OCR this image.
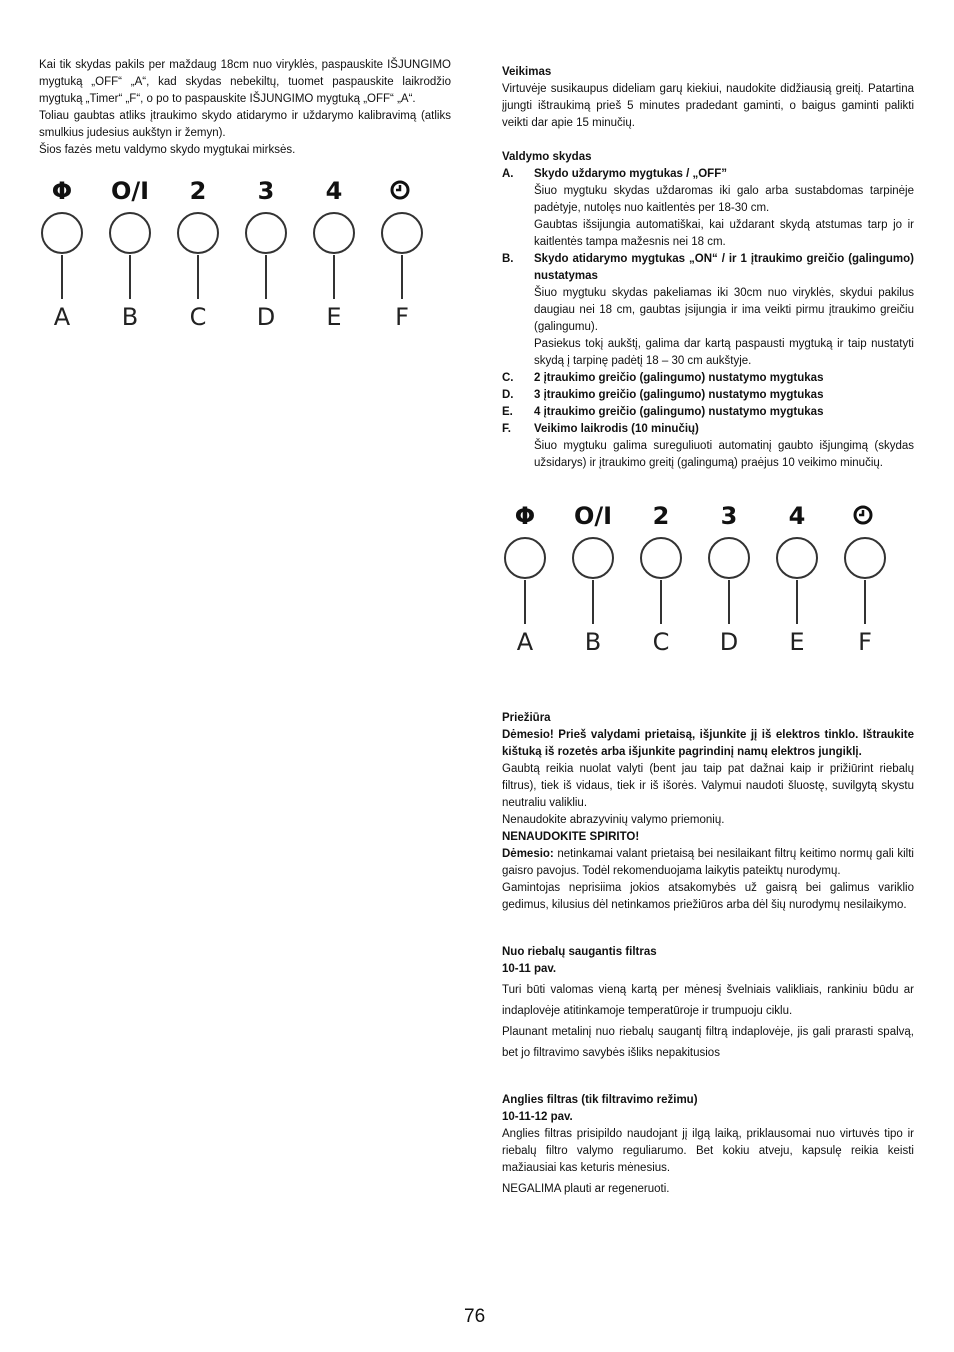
Kai tik skydas pakils per maždaug 18cm nuo viryklės, paspauskite IŠJUNGIMO mygtuką „OFF“ „A“, kad skydas nebekiltų, tuomet paspauskite laikrodžio mygtuką „Timer“ „F“, o po to paspauskite IŠJUNGIMO mygtuką „OFF“ „A“.

Toliau gaubtas atliks įtraukimo skydo atidarymo ir uždarymo kalibravimą (atliks smulkius judesius aukštyn ir žemyn).

Šios fazės metu valdymo skydo mygtukai mirksės.

Φ
A
O/I
B
2
C
3
D
4
E	F

Veikimas

Virtuvėje susikaupus dideliam garų kiekiui, naudokite didžiausią greitį. Patartina įjungti ištraukimą prieš 5 minutes pradedant gaminti, o baigus gaminti palikti veikti dar apie 15 minučių.

Valdymo skydas

A.	Skydo uždarymo mygtukas / „OFF”

Šiuo mygtuku skydas uždaromas iki galo arba sustabdomas tarpinėje padėtyje, nutolęs nuo kaitlentės per 18-30 cm.

Gaubtas išsijungia automatiškai, kai uždarant skydą atstumas tarp jo ir kaitlentės tampa mažesnis nei 18 cm.

B.	Skydo atidarymo mygtukas „ON“ / ir 1 įtraukimo greičio (galingumo) nustatymas

Šiuo mygtuku skydas pakeliamas iki 30cm nuo viryklės, skydui pakilus daugiau nei 18 cm, gaubtas įsijungia ir ima veikti pirmu įtraukimo greičiu (galingumu).

Pasiekus tokį aukštį, galima dar kartą paspausti mygtuką ir taip nustatyti skydą į tarpinę padėtį 18 – 30 cm aukštyje.

C.	2 įtraukimo greičio (galingumo) nustatymo mygtukas
D.	3 įtraukimo greičio (galingumo) nustatymo mygtukas
E.	4 įtraukimo greičio (galingumo) nustatymo mygtukas
F.	Veikimo laikrodis (10 minučių)

Šiuo mygtuku galima sureguliuoti automatinį gaubto išjungimą (skydas užsidarys) ir įtraukimo greitį (galingumą) praėjus 10 veikimo minučių.

Φ
A
O/I
B
2
C
3
D
4
E	F

Priežiūra

Dėmesio! Prieš valydami prietaisą, išjunkite jį iš elektros tinklo. Ištraukite kištuką iš rozetės arba išjunkite pagrindinį namų elektros jungiklį.

Gaubtą reikia nuolat valyti (bent jau taip pat dažnai kaip ir prižiūrint riebalų filtrus), tiek iš vidaus, tiek ir iš išorės. Valymui naudoti šluostę, suvilgytą skystu neutraliu valikliu.

Nenaudokite abrazyvinių valymo priemonių.

NENAUDOKITE SPIRITO!

Dėmesio: netinkamai valant prietaisą bei nesilaikant filtrų keitimo normų gali kilti gaisro pavojus. Todėl rekomenduojama laikytis pateiktų nurodymų.

Gamintojas neprisiima jokios atsakomybės už gaisrą bei galimus variklio gedimus, kilusius dėl netinkamos priežiūros arba dėl šių nurodymų nesilaikymo.

Nuo riebalų saugantis filtras

10-11 pav.

Turi būti valomas vieną kartą per mėnesį švelniais valikliais, rankiniu būdu ar indaplovėje atitinkamoje temperatūroje ir trumpuoju ciklu.

Plaunant metalinį nuo riebalų saugantį filtrą indaplovėje, jis gali prarasti spalvą, bet jo filtravimo savybės išliks nepakitusios

Anglies filtras (tik filtravimo režimu)

10-11-12 pav.

Anglies filtras prisipildo naudojant jį ilgą laiką, priklausomai nuo virtuvės tipo ir riebalų filtro valymo reguliarumo. Bet kokiu atveju, kapsulę reikia keisti mažiausiai kas keturis mėnesius.

NEGALIMA plauti ar regeneruoti.

76
